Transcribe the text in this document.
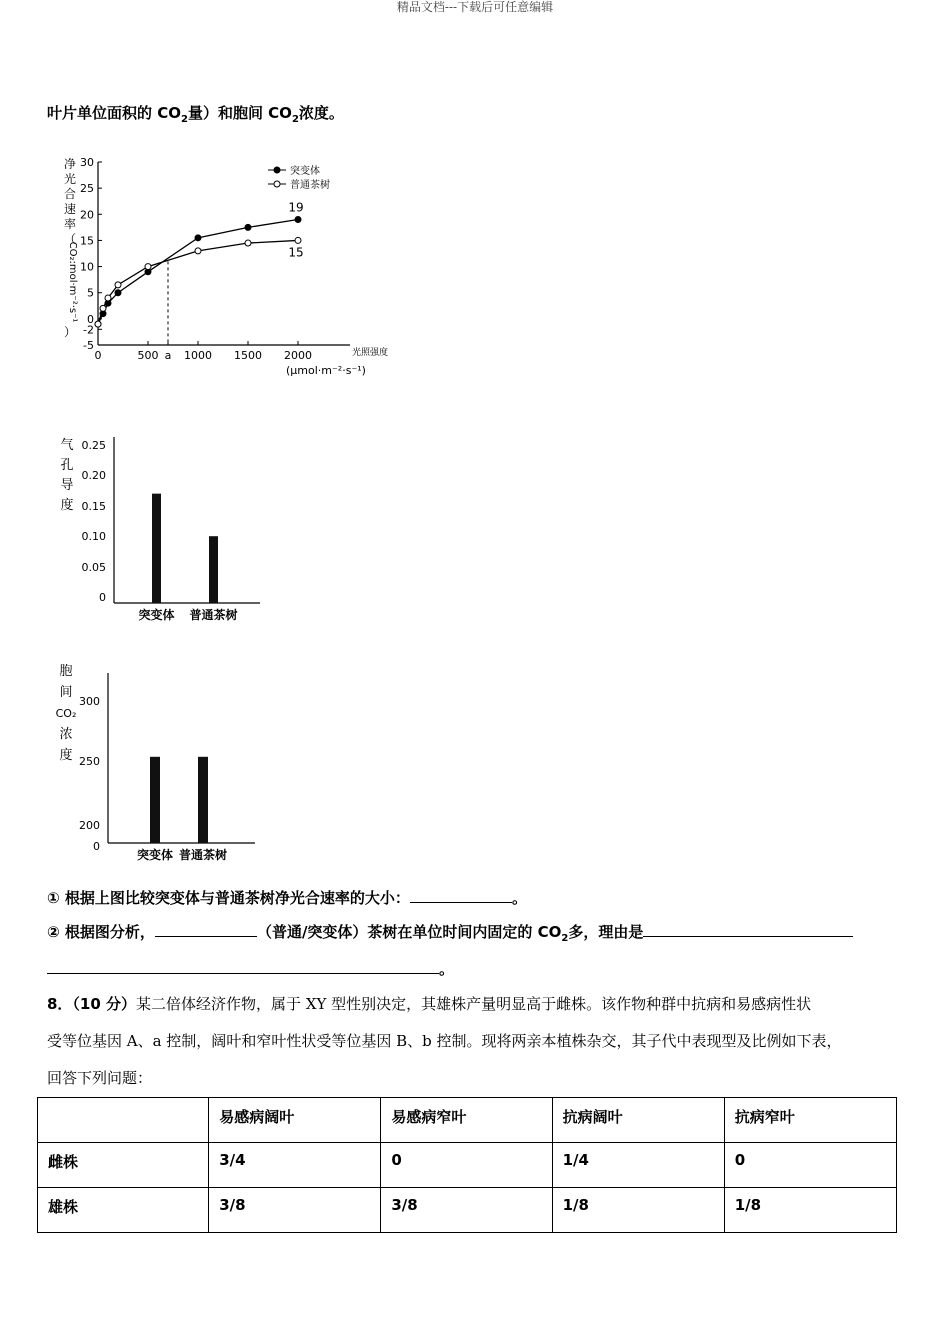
精品文档---下载后可任意编辑
叶片单位面积的 $CO_2$量）和胞间 $CO_2$浓度。
30
25
20
15
10
5
0
-2
-5
0	500 a 1000 1500 2000
19
突变体
15
普通茶树
净
光
合
速
率
（
CO₂:mol·m⁻²·s⁻¹
）
光照强度
(μmol·m⁻²·s⁻¹)
0.25
0.20
0.15
0.10
0.05
0
突变体 普通茶树
气
孔
导
度
300
250
200
0
突变体 普通茶树
胞
间
CO₂
浓
度
① 根据上图比较突变体与普通茶树净光合速率的大小：	。
② 根据图分析，	（普通/突变体）茶树在单位时间内固定的 $CO_2$多，理由是
。
8．（10 分）某二倍体经济作物，属于 XY 型性别决定，其雄株产量明显高于雌株。该作物种群中抗病和易感病性状
受等位基因 A、a 控制，阔叶和窄叶性状受等位基因 B、b 控制。现将两亲本植株杂交，其子代中表现型及比例如下表，
回答下列问题：
	易感病阔叶	易感病窄叶	抗病阔叶	抗病窄叶
雌株	3/4	0	1/4	0
雄株	3/8	3/8	1/8	1/8
